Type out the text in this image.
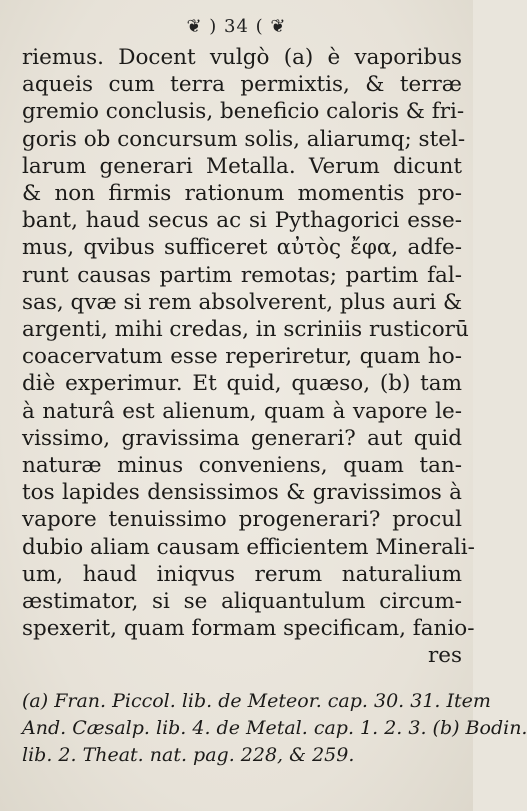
❦ ) 34 ( ❦
riemus. Docent vulgò (a) è vaporibus
aqueis cum terra permixtis, & terræ
gremio conclusis, beneficio caloris & fri-
goris ob concursum solis, aliarumq; stel-
larum generari Metalla. Verum dicunt
& non firmis rationum momentis pro-
bant, haud secus ac si Pythagorici esse-
mus, qvibus sufficeret αὐτὸς ἔφα, adfe-
runt causas partim remotas; partim fal-
sas, qvæ si rem absolverent, plus auri &
argenti, mihi credas, in scriniis rusticorū
coacervatum esse reperiretur, quam ho-
diè experimur. Et quid, quæso, (b) tam
à naturâ est alienum, quam à vapore le-
vissimo, gravissima generari? aut quid
naturæ minus conveniens, quam tan-
tos lapides densissimos & gravissimos à
vapore tenuissimo progenerari? procul
dubio aliam causam efficientem Minerali-
um, haud iniqvus rerum naturalium
æstimator, si se aliquantulum circum-
spexerit, quam formam specificam, fanio-
res
(a) Fran. Piccol. lib. de Meteor. cap. 30. 31. Item
And. Cæsalp. lib. 4. de Metal. cap. 1. 2. 3. (b) Bodin.
lib. 2. Theat. nat. pag. 228, & 259.
